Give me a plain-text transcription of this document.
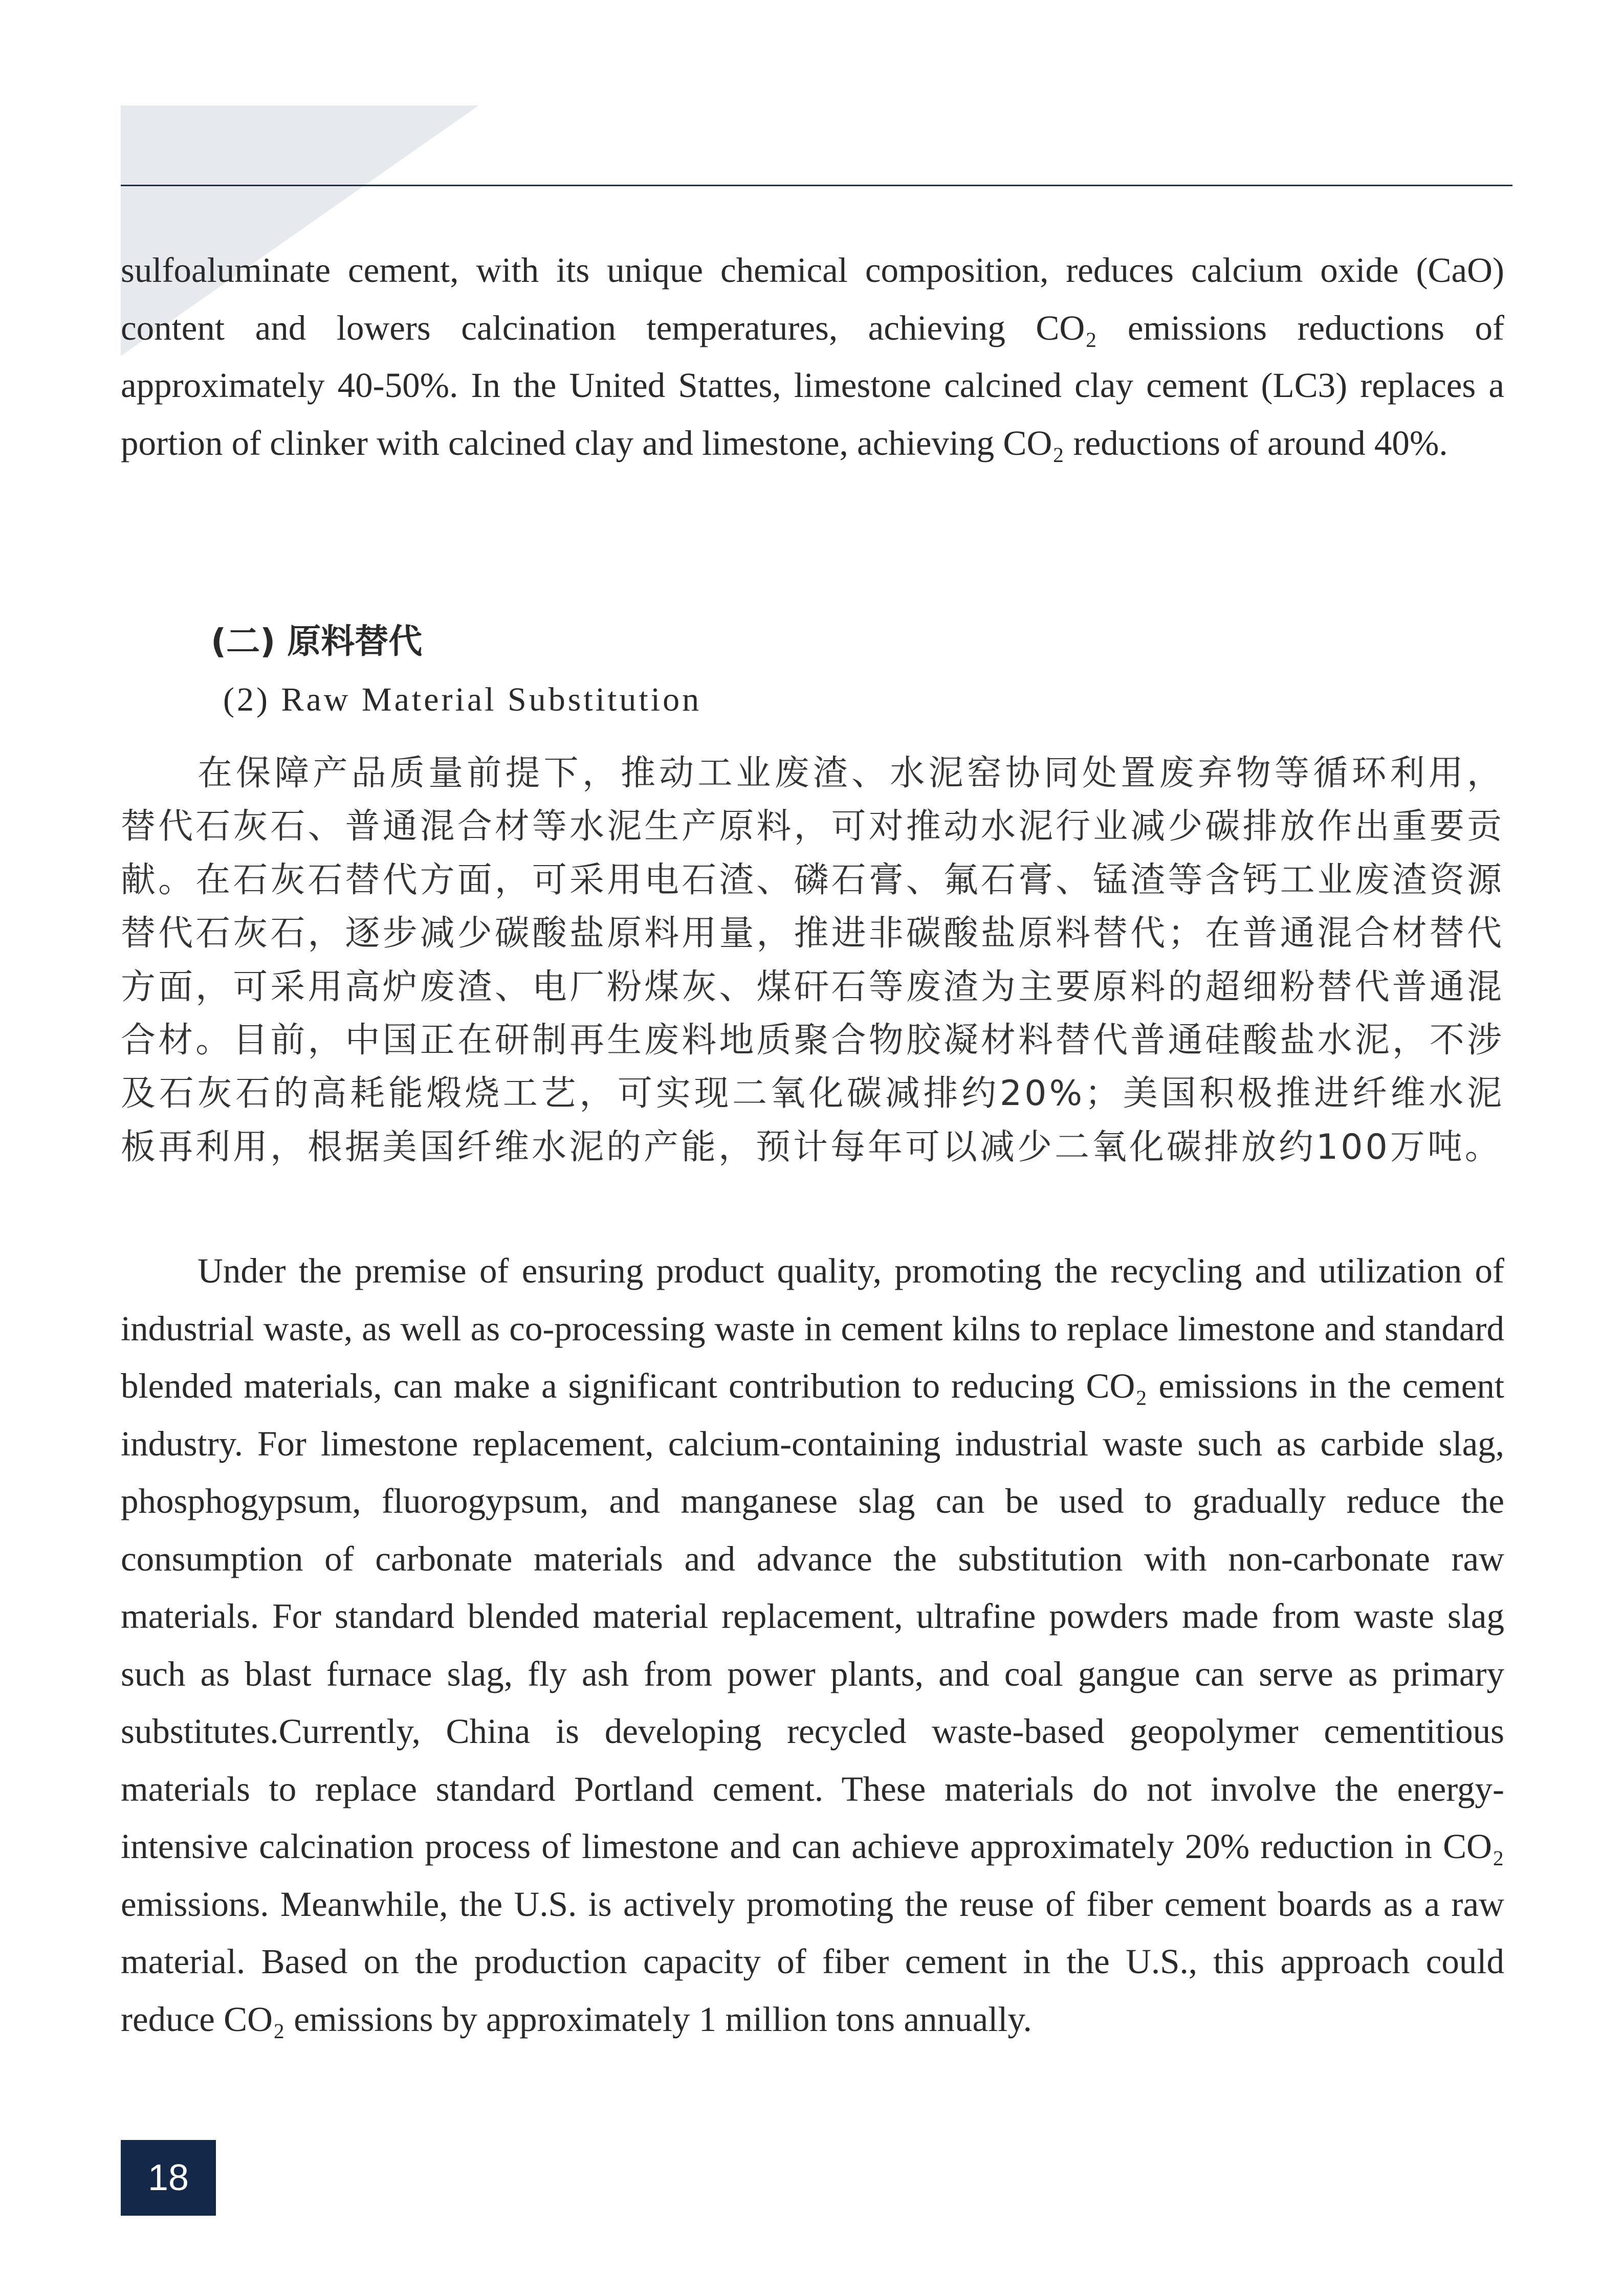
sulfoaluminate cement, with its unique chemical composition, reduces calcium oxide (CaO) content and lowers calcination temperatures, achieving CO₂ emissions reductions of approximately 40-50%. In the United Stattes, limestone calcined clay cement (LC3) replaces a portion of clinker with calcined clay and limestone, achieving CO₂ reductions of around 40%.

(二) 原料替代
(2) Raw Material Substitution

在保障产品质量前提下，推动工业废渣、水泥窑协同处置废弃物等循环利用，替代石灰石、普通混合材等水泥生产原料，可对推动水泥行业减少碳排放作出重要贡献。在石灰石替代方面，可采用电石渣、磷石膏、氟石膏、锰渣等含钙工业废渣资源替代石灰石，逐步减少碳酸盐原料用量，推进非碳酸盐原料替代；在普通混合材替代方面，可采用高炉废渣、电厂粉煤灰、煤矸石等废渣为主要原料的超细粉替代普通混合材。目前，中国正在研制再生废料地质聚合物胶凝材料替代普通硅酸盐水泥，不涉及石灰石的高耗能煅烧工艺，可实现二氧化碳减排约20%；美国积极推进纤维水泥板再利用，根据美国纤维水泥的产能，预计每年可以减少二氧化碳排放约100万吨。

Under the premise of ensuring product quality, promoting the recycling and utilization of industrial waste, as well as co-processing waste in cement kilns to replace limestone and standard blended materials, can make a significant contribution to reducing CO₂ emissions in the cement industry. For limestone replacement, calcium-containing industrial waste such as carbide slag, phosphogypsum, fluorogypsum, and manganese slag can be used to gradually reduce the consumption of carbonate materials and advance the substitution with non-carbonate raw materials. For standard blended material replacement, ultrafine powders made from waste slag such as blast furnace slag, fly ash from power plants, and coal gangue can serve as primary substitutes.Currently, China is developing recycled waste-based geopolymer cementitious materials to replace standard Portland cement. These materials do not involve the energy-intensive calcination process of limestone and can achieve approximately 20% reduction in CO₂ emissions. Meanwhile, the U.S. is actively promoting the reuse of fiber cement boards as a raw material. Based on the production capacity of fiber cement in the U.S., this approach could reduce CO₂ emissions by approximately 1 million tons annually.

18
